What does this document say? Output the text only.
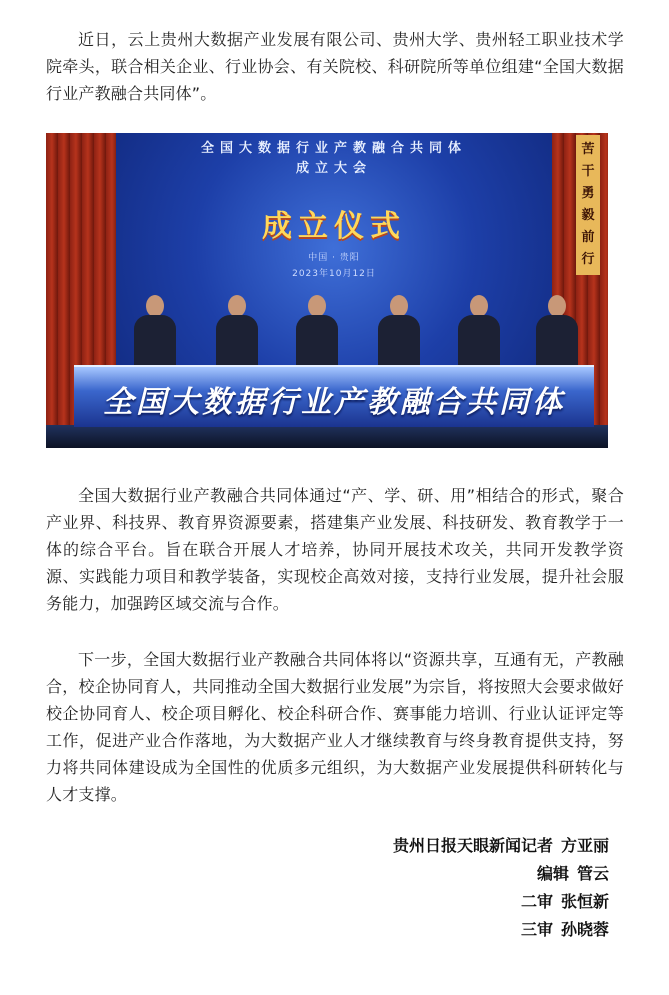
近日，云上贵州大数据产业发展有限公司、贵州大学、贵州轻工职业技术学院牵头，联合相关企业、行业协会、有关院校、科研院所等单位组建“全国大数据行业产教融合共同体”。

全国大数据行业产教融合共同体
成立大会
成立仪式
中国 · 贵阳
2023年10月12日
苦干勇毅前行
全国大数据行业产教融合共同体

全国大数据行业产教融合共同体通过“产、学、研、用”相结合的形式，聚合产业界、科技界、教育界资源要素，搭建集产业发展、科技研发、教育教学于一体的综合平台。旨在联合开展人才培养，协同开展技术攻关，共同开发教学资源、实践能力项目和教学装备，实现校企高效对接，支持行业发展，提升社会服务能力，加强跨区域交流与合作。

下一步，全国大数据行业产教融合共同体将以“资源共享，互通有无，产教融合，校企协同育人，共同推动全国大数据行业发展”为宗旨，将按照大会要求做好校企协同育人、校企项目孵化、校企科研合作、赛事能力培训、行业认证评定等工作，促进产业合作落地，为大数据产业人才继续教育与终身教育提供支持，努力将共同体建设成为全国性的优质多元组织，为大数据产业发展提供科研转化与人才支撑。

贵州日报天眼新闻记者 方亚丽
编辑 管云
二审 张恒新
三审 孙晓蓉
